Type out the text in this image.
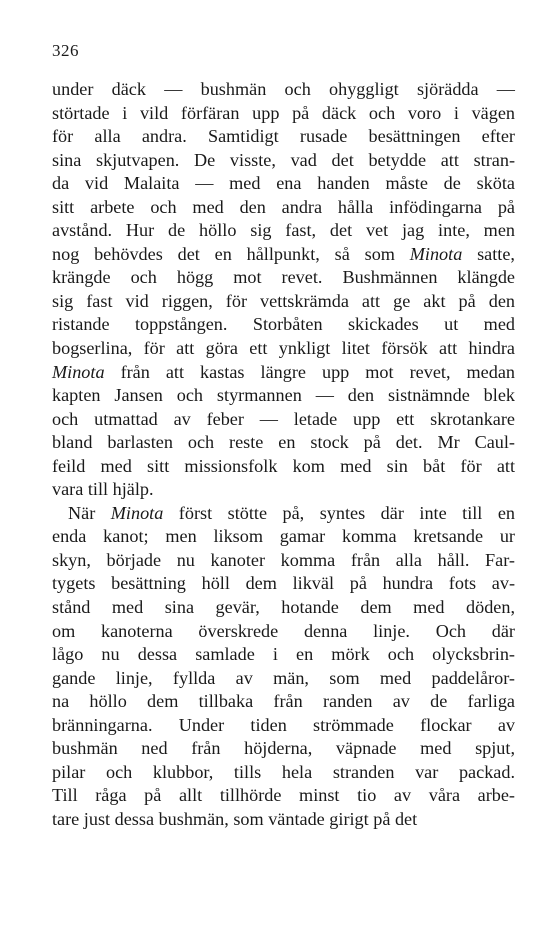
326
under däck — bushmän och ohyggligt sjörädda —
störtade i vild förfäran upp på däck och voro i vägen
för alla andra. Samtidigt rusade besättningen efter
sina skjutvapen. De visste, vad det betydde att stran-
da vid Malaita — med ena handen måste de sköta
sitt arbete och med den andra hålla infödingarna på
avstånd. Hur de höllo sig fast, det vet jag inte, men
nog behövdes det en hållpunkt, så som Minota satte,
krängde och högg mot revet. Bushmännen klängde
sig fast vid riggen, för vettskrämda att ge akt på den
ristande toppstången. Storbåten skickades ut med
bogserlina, för att göra ett ynkligt litet försök att hindra
Minota från att kastas längre upp mot revet, medan
kapten Jansen och styrmannen — den sistnämnde blek
och utmattad av feber — letade upp ett skrotankare
bland barlasten och reste en stock på det. Mr Caul-
feild med sitt missionsfolk kom med sin båt för att
vara till hjälp.
När Minota först stötte på, syntes där inte till en
enda kanot; men liksom gamar komma kretsande ur
skyn, började nu kanoter komma från alla håll. Far-
tygets besättning höll dem likväl på hundra fots av-
stånd med sina gevär, hotande dem med döden,
om kanoterna överskrede denna linje. Och där
lågo nu dessa samlade i en mörk och olycksbrin-
gande linje, fyllda av män, som med paddelåror-
na höllo dem tillbaka från randen av de farliga
bränningarna. Under tiden strömmade flockar av
bushmän ned från höjderna, väpnade med spjut,
pilar och klubbor, tills hela stranden var packad.
Till råga på allt tillhörde minst tio av våra arbe-
tare just dessa bushmän, som väntade girigt på det
